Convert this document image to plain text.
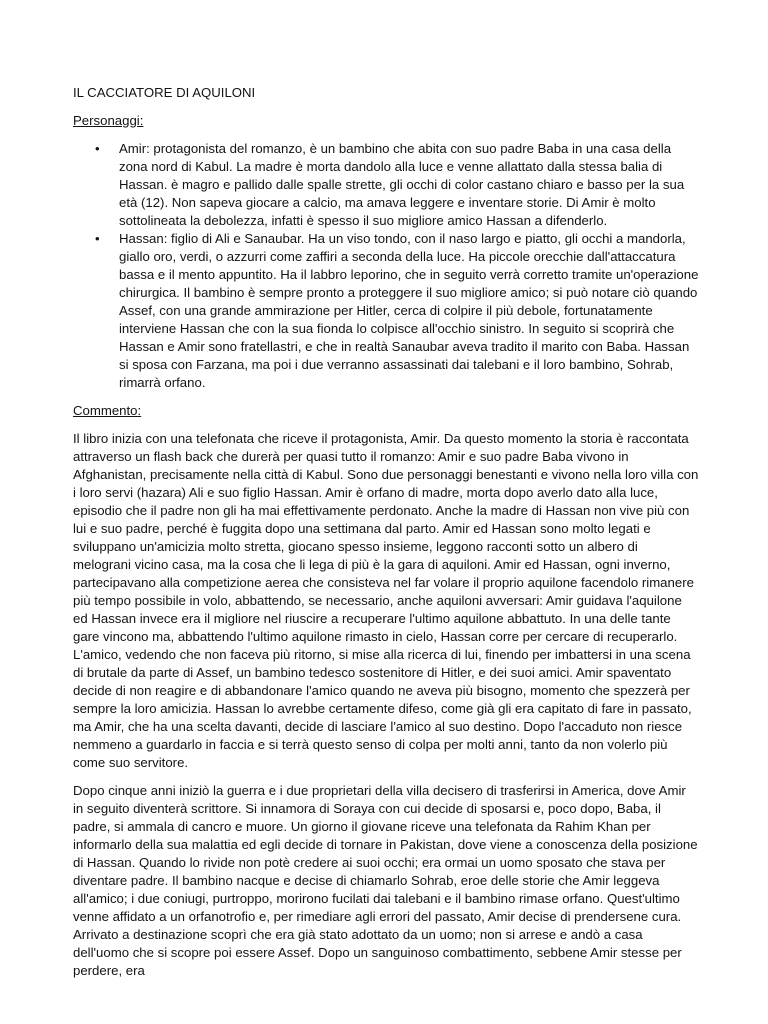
IL CACCIATORE DI AQUILONI
Personaggi:
•	Amir: protagonista del romanzo, è un bambino che abita con suo padre Baba in una casa della zona nord di Kabul. La madre è morta dandolo alla luce e venne allattato dalla stessa balia di Hassan. è magro e pallido dalle spalle strette, gli occhi di color castano chiaro e basso per la sua età (12). Non sapeva giocare a calcio, ma amava leggere e inventare storie. Di Amir è molto sottolineata la debolezza, infatti è spesso il suo migliore amico Hassan a difenderlo.
•	Hassan: figlio di Ali e Sanaubar. Ha un viso tondo, con il naso largo e piatto, gli occhi a mandorla, giallo oro, verdi, o azzurri come zaffiri a seconda della luce. Ha piccole orecchie dall'attaccatura bassa e il mento appuntito. Ha il labbro leporino, che in seguito verrà corretto tramite un'operazione chirurgica. Il bambino è sempre pronto a proteggere il suo migliore amico; si può notare ciò quando Assef, con una grande ammirazione per Hitler, cerca di colpire il più debole, fortunatamente interviene Hassan che con la sua fionda lo colpisce all'occhio sinistro. In seguito si scoprirà che Hassan e Amir sono fratellastri, e che in realtà Sanaubar aveva tradito il marito con Baba. Hassan si sposa con Farzana, ma poi i due verranno assassinati dai talebani e il loro bambino, Sohrab, rimarrà orfano.
Commento:

Il libro inizia con una telefonata che riceve il protagonista, Amir. Da questo momento la storia è raccontata attraverso un flash back che durerà per quasi tutto il romanzo: Amir e suo padre Baba vivono in Afghanistan, precisamente nella città di Kabul. Sono due personaggi benestanti e vivono nella loro villa con i loro servi (hazara) Ali e suo figlio Hassan. Amir è orfano di madre, morta dopo averlo dato alla luce, episodio che il padre non gli ha mai effettivamente perdonato. Anche la madre di Hassan non vive più con lui e suo padre, perché è fuggita dopo una settimana dal parto. Amir ed Hassan sono molto legati e sviluppano un'amicizia molto stretta, giocano spesso insieme, leggono racconti sotto un albero di melograni vicino casa, ma la cosa che li lega di più è la gara di aquiloni. Amir ed Hassan, ogni inverno, partecipavano alla competizione aerea che consisteva nel far volare il proprio aquilone facendolo rimanere più tempo possibile in volo, abbattendo, se necessario, anche aquiloni avversari: Amir guidava l'aquilone ed Hassan invece era il migliore nel riuscire a recuperare l'ultimo aquilone abbattuto. In una delle tante gare vincono ma, abbattendo l'ultimo aquilone rimasto in cielo, Hassan corre per cercare di recuperarlo. L'amico, vedendo che non faceva più ritorno, si mise alla ricerca di lui, finendo per imbattersi in una scena di brutale da parte di Assef, un bambino tedesco sostenitore di Hitler, e dei suoi amici. Amir spaventato decide di non reagire e di abbandonare l'amico quando ne aveva più bisogno, momento che spezzerà per sempre la loro amicizia. Hassan lo avrebbe certamente difeso, come già gli era capitato di fare in passato, ma Amir, che ha una scelta davanti, decide di lasciare l'amico al suo destino. Dopo l'accaduto non riesce nemmeno a guardarlo in faccia e si terrà questo senso di colpa per molti anni, tanto da non volerlo più come suo servitore.

Dopo cinque anni iniziò la guerra e i due proprietari della villa decisero di trasferirsi in America, dove Amir in seguito diventerà scrittore. Si innamora di Soraya con cui decide di sposarsi e, poco dopo, Baba, il padre, si ammala di cancro e muore. Un giorno il giovane riceve una telefonata da Rahim Khan per informarlo della sua malattia ed egli decide di tornare in Pakistan, dove viene a conoscenza della posizione di Hassan. Quando lo rivide non potè credere ai suoi occhi; era ormai un uomo sposato che stava per diventare padre. Il bambino nacque e decise di chiamarlo Sohrab, eroe delle storie che Amir leggeva all'amico; i due coniugi, purtroppo, morirono fucilati dai talebani e il bambino rimase orfano. Quest'ultimo venne affidato a un orfanotrofio e, per rimediare agli errori del passato, Amir decise di prendersene cura. Arrivato a destinazione scoprì che era già stato adottato da un uomo; non si arrese e andò a casa dell'uomo che si scopre poi essere Assef. Dopo un sanguinoso combattimento, sebbene Amir stesse per perdere, era
